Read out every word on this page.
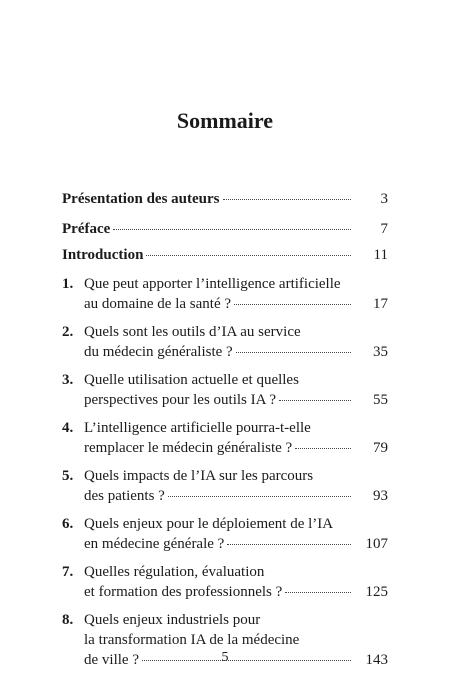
Sommaire
Présentation des auteurs	3
Préface	7
Introduction	11
1. Que peut apporter l’intelligence artificielle
au domaine de la santé ?	17
2. Quels sont les outils d’IA au service
du médecin généraliste ?	35
3. Quelle utilisation actuelle et quelles
perspectives pour les outils IA ?	55
4. L’intelligence artificielle pourra-t-elle
remplacer le médecin généraliste ?	79
5. Quels impacts de l’IA sur les parcours
des patients ?	93
6. Quels enjeux pour le déploiement de l’IA
en médecine générale ?	107
7. Quelles régulation, évaluation
et formation des professionnels ?	125
8. Quels enjeux industriels pour
la transformation IA de la médecine
de ville ?	143
5
